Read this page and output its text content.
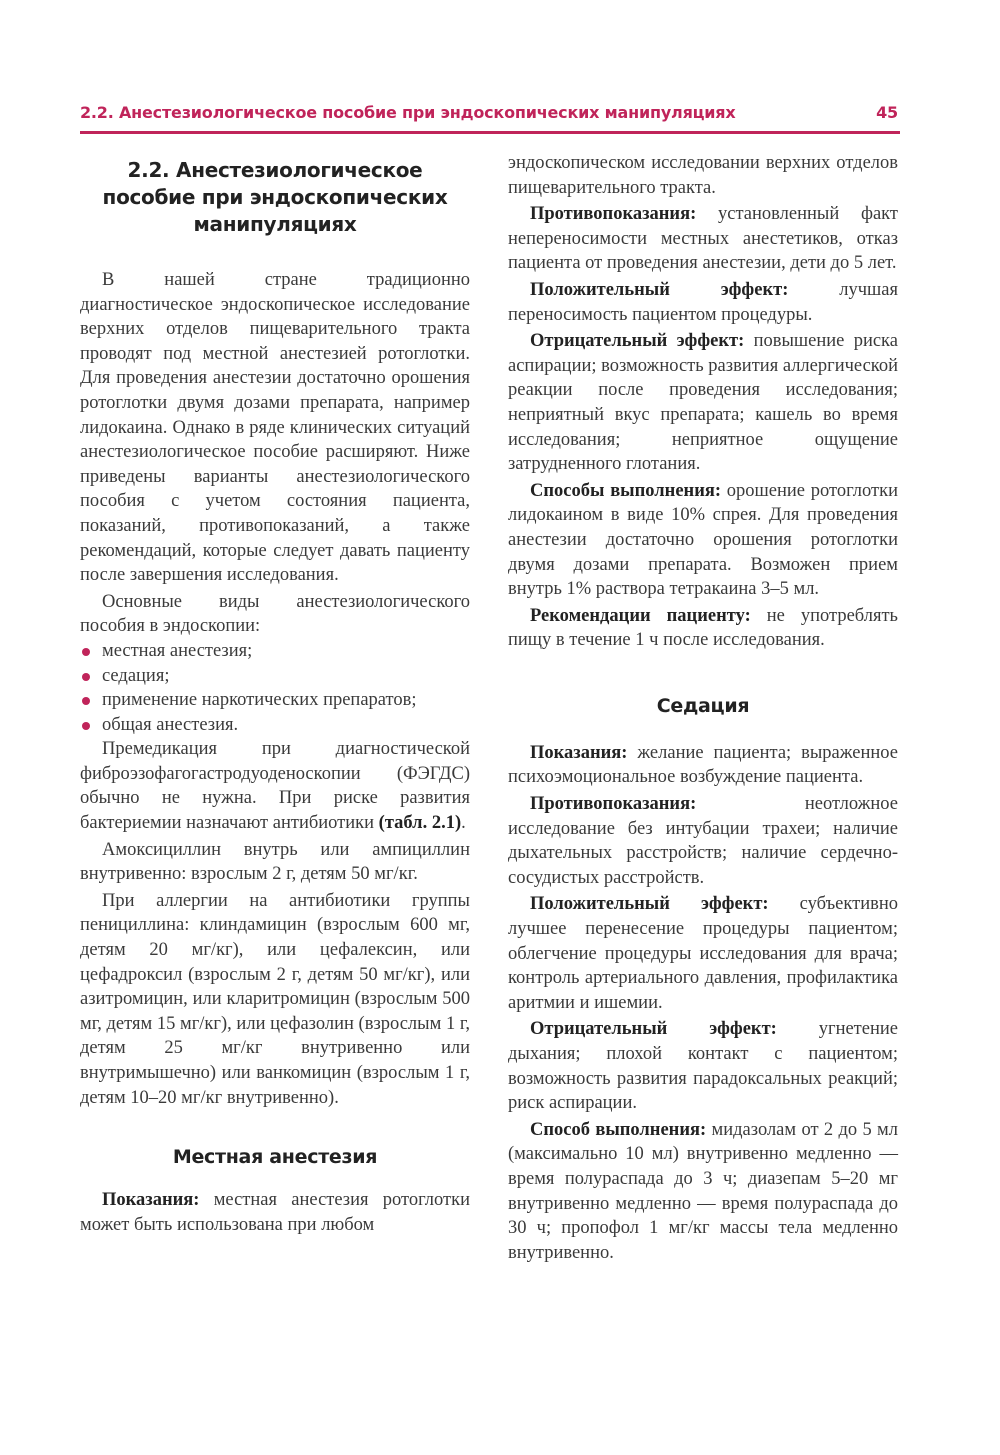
2.2. Анестезиологическое пособие при эндоскопических манипуляциях	45
2.2. Анестезиологическое
пособие при эндоскопических
манипуляциях

В нашей стране традиционно диагностическое эндоскопическое исследование верхних отделов пищеварительного тракта проводят под местной анестезией ротоглотки. Для проведения анестезии достаточно орошения ротоглотки двумя дозами препарата, например лидокаина. Однако в ряде клинических ситуаций анестезиологическое пособие расширяют. Ниже приведены варианты анестезиологического пособия с учетом состояния пациента, показаний, противопоказаний, а также рекомендаций, которые следует давать пациенту после завершения исследования.

Основные виды анестезиологического пособия в эндоскопии:

местная анестезия;
седация;
применение наркотических препаратов;
общая анестезия.

Премедикация при диагностической фиброэзофагогастродуоденоскопии (ФЭГДС) обычно не нужна. При риске развития бактериемии назначают антибиотики (табл. 2.1).

Амоксициллин внутрь или ампициллин внутривенно: взрослым 2 г, детям 50 мг/кг.

При аллергии на антибиотики группы пенициллина: клиндамицин (взрослым 600 мг, детям 20 мг/кг), или цефалексин, или цефадроксил (взрослым 2 г, детям 50 мг/кг), или азитромицин, или кларитромицин (взрослым 500 мг, детям 15 мг/кг), или цефазолин (взрослым 1 г, детям 25 мг/кг внутривенно или внутримышечно) или ванкомицин (взрослым 1 г, детям 10–20 мг/кг внутривенно).

Местная анестезия

Показания: местная анестезия ротоглотки может быть использована при любом

эндоскопическом исследовании верхних отделов пищеварительного тракта.

Противопоказания: установленный факт непереносимости местных анестетиков, отказ пациента от проведения анестезии, дети до 5 лет.

Положительный эффект: лучшая переносимость пациентом процедуры.

Отрицательный эффект: повышение риска аспирации; возможность развития аллергической реакции после проведения исследования; неприятный вкус препарата; кашель во время исследования; неприятное ощущение затрудненного глотания.

Способы выполнения: орошение ротоглотки лидокаином в виде 10% спрея. Для проведения анестезии достаточно орошения ротоглотки двумя дозами препарата. Возможен прием внутрь 1% раствора тетракаина 3–5 мл.

Рекомендации пациенту: не употреблять пищу в течение 1 ч после исследования.

Седация

Показания: желание пациента; выраженное психоэмоциональное возбуждение пациента.

Противопоказания: неотложное исследование без интубации трахеи; наличие дыхательных расстройств; наличие сердечно-сосудистых расстройств.

Положительный эффект: субъективно лучшее перенесение процедуры пациентом; облегчение процедуры исследования для врача; контроль артериального давления, профилактика аритмии и ишемии.

Отрицательный эффект: угнетение дыхания; плохой контакт с пациентом; возможность развития парадоксальных реакций; риск аспирации.

Способ выполнения: мидазолам от 2 до 5 мл (максимально 10 мл) внутривенно медленно — время полураспада до 3 ч; диазепам 5–20 мг внутривенно медленно — время полураспада до 30 ч; пропофол 1 мг/кг массы тела медленно внутривенно.
